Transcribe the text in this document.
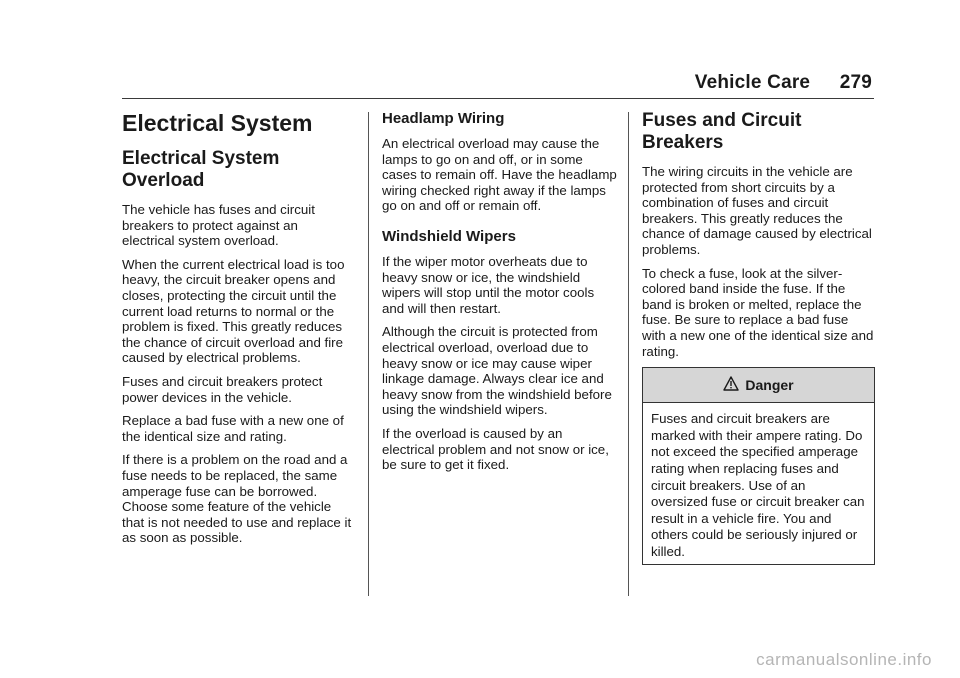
Vehicle Care 279
Electrical System
Electrical System Overload

The vehicle has fuses and circuit breakers to protect against an electrical system overload.

When the current electrical load is too heavy, the circuit breaker opens and closes, protecting the circuit until the current load returns to normal or the problem is fixed. This greatly reduces the chance of circuit overload and fire caused by electrical problems.

Fuses and circuit breakers protect power devices in the vehicle.

Replace a bad fuse with a new one of the identical size and rating.

If there is a problem on the road and a fuse needs to be replaced, the same amperage fuse can be borrowed. Choose some feature of the vehicle that is not needed to use and replace it as soon as possible.

Headlamp Wiring

An electrical overload may cause the lamps to go on and off, or in some cases to remain off. Have the headlamp wiring checked right away if the lamps go on and off or remain off.

Windshield Wipers

If the wiper motor overheats due to heavy snow or ice, the windshield wipers will stop until the motor cools and will then restart.

Although the circuit is protected from electrical overload, overload due to heavy snow or ice may cause wiper linkage damage. Always clear ice and heavy snow from the windshield before using the windshield wipers.

If the overload is caused by an electrical problem and not snow or ice, be sure to get it fixed.

Fuses and Circuit Breakers

The wiring circuits in the vehicle are protected from short circuits by a combination of fuses and circuit breakers. This greatly reduces the chance of damage caused by electrical problems.

To check a fuse, look at the silver-colored band inside the fuse. If the band is broken or melted, replace the fuse. Be sure to replace a bad fuse with a new one of the identical size and rating.

Danger

Fuses and circuit breakers are marked with their ampere rating. Do not exceed the specified amperage rating when replacing fuses and circuit breakers. Use of an oversized fuse or circuit breaker can result in a vehicle fire. You and others could be seriously injured or killed.

carmanualsonline.info
